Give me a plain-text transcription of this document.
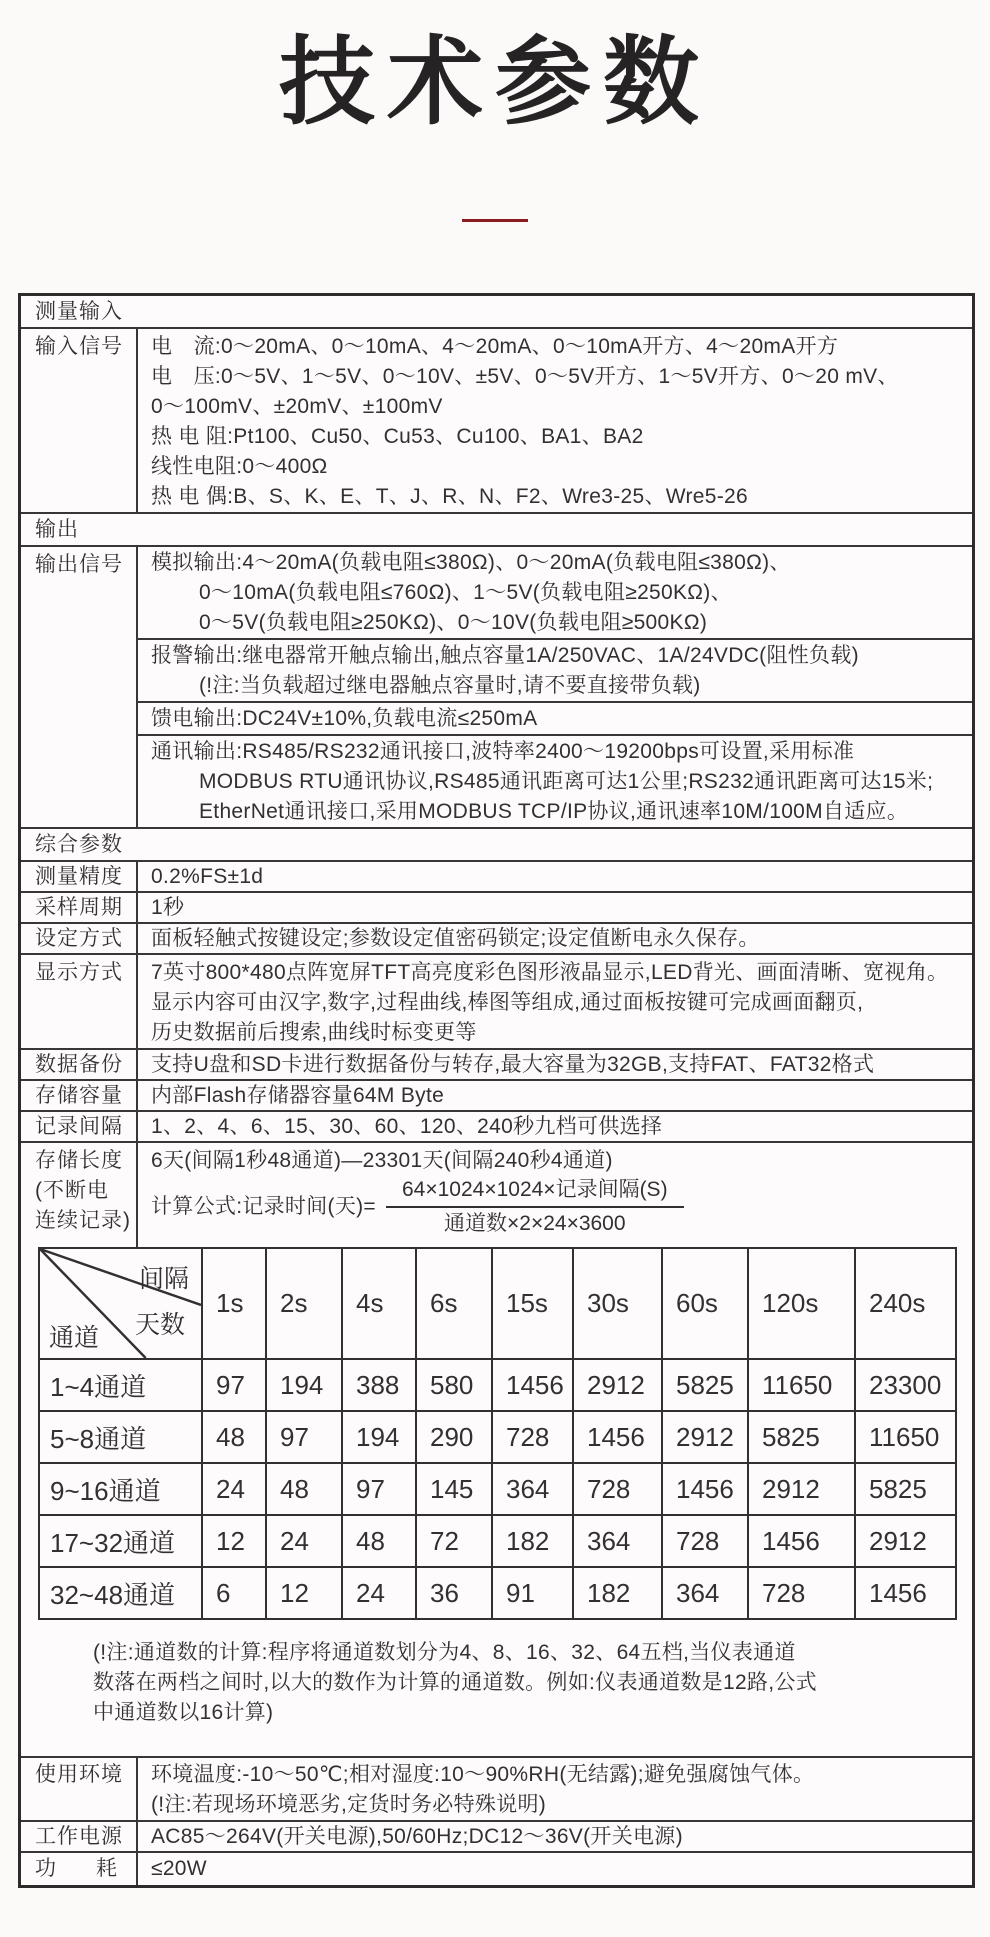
技术参数
测量输入
输入信号	电　流:0～20mA、0～10mA、4～20mA、0～10mA开方、4～20mA开方
电　压:0～5V、1～5V、0～10V、±5V、0～5V开方、1～5V开方、0～20 mV、
0～100mV、±20mV、±100mV
热 电 阻:Pt100、Cu50、Cu53、Cu100、BA1、BA2
线性电阻:0～400Ω
热 电 偶:B、S、K、E、T、J、R、N、F2、Wre3-25、Wre5-26
输出
输出信号	模拟输出:4～20mA(负载电阻≤380Ω)、0～20mA(负载电阻≤380Ω)、
0～10mA(负载电阻≤760Ω)、1～5V(负载电阻≥250KΩ)、
0～5V(负载电阻≥250KΩ)、0～10V(负载电阻≥500KΩ)
报警输出:继电器常开触点输出,触点容量1A/250VAC、1A/24VDC(阻性负载)
(!注:当负载超过继电器触点容量时,请不要直接带负载)
馈电输出:DC24V±10%,负载电流≤250mA
通讯输出:RS485/RS232通讯接口,波特率2400～19200bps可设置,采用标准
MODBUS RTU通讯协议,RS485通讯距离可达1公里;RS232通讯距离可达15米;
EtherNet通讯接口,采用MODBUS TCP/IP协议,通讯速率10M/100M自适应。
综合参数
测量精度	0.2%FS±1d
采样周期	1秒
设定方式	面板轻触式按键设定;参数设定值密码锁定;设定值断电永久保存。
显示方式	7英寸800*480点阵宽屏TFT高亮度彩色图形液晶显示,LED背光、画面清晰、宽视角。
显示内容可由汉字,数字,过程曲线,棒图等组成,通过面板按键可完成画面翻页,
历史数据前后搜索,曲线时标变更等
数据备份	支持U盘和SD卡进行数据备份与转存,最大容量为32GB,支持FAT、FAT32格式
存储容量	内部Flash存储器容量64M Byte
记录间隔	1、2、4、6、15、30、60、120、240秒九档可供选择
存储长度
(不断电
连续记录)
6天(间隔1秒48通道)—23301天(间隔240秒4通道)
计算公式:记录时间(天)= $\frac{\text{64×1024×1024×记录间隔(S)}}{\text{通道数×2×24×3600}}$
间隔
天数
通道	1s	2s	4s	6s	15s	30s	60s	120s	240s
1~4通道	97	194	388	580	1456	2912	5825	11650	23300
5~8通道	48	97	194	290	728	1456	2912	5825	11650
9~16通道	24	48	97	145	364	728	1456	2912	5825
17~32通道	12	24	48	72	182	364	728	1456	2912
32~48通道	6	12	24	36	91	182	364	728	1456
(!注:通道数的计算:程序将通道数划分为4、8、16、32、64五档,当仪表通道
数落在两档之间时,以大的数作为计算的通道数。例如:仪表通道数是12路,公式
中通道数以16计算)
使用环境	环境温度:-10～50℃;相对湿度:10～90%RH(无结露);避免强腐蚀气体。
(!注:若现场环境恶劣,定货时务必特殊说明)
工作电源	AC85～264V(开关电源),50/60Hz;DC12～36V(开关电源)
功　耗	≤20W
